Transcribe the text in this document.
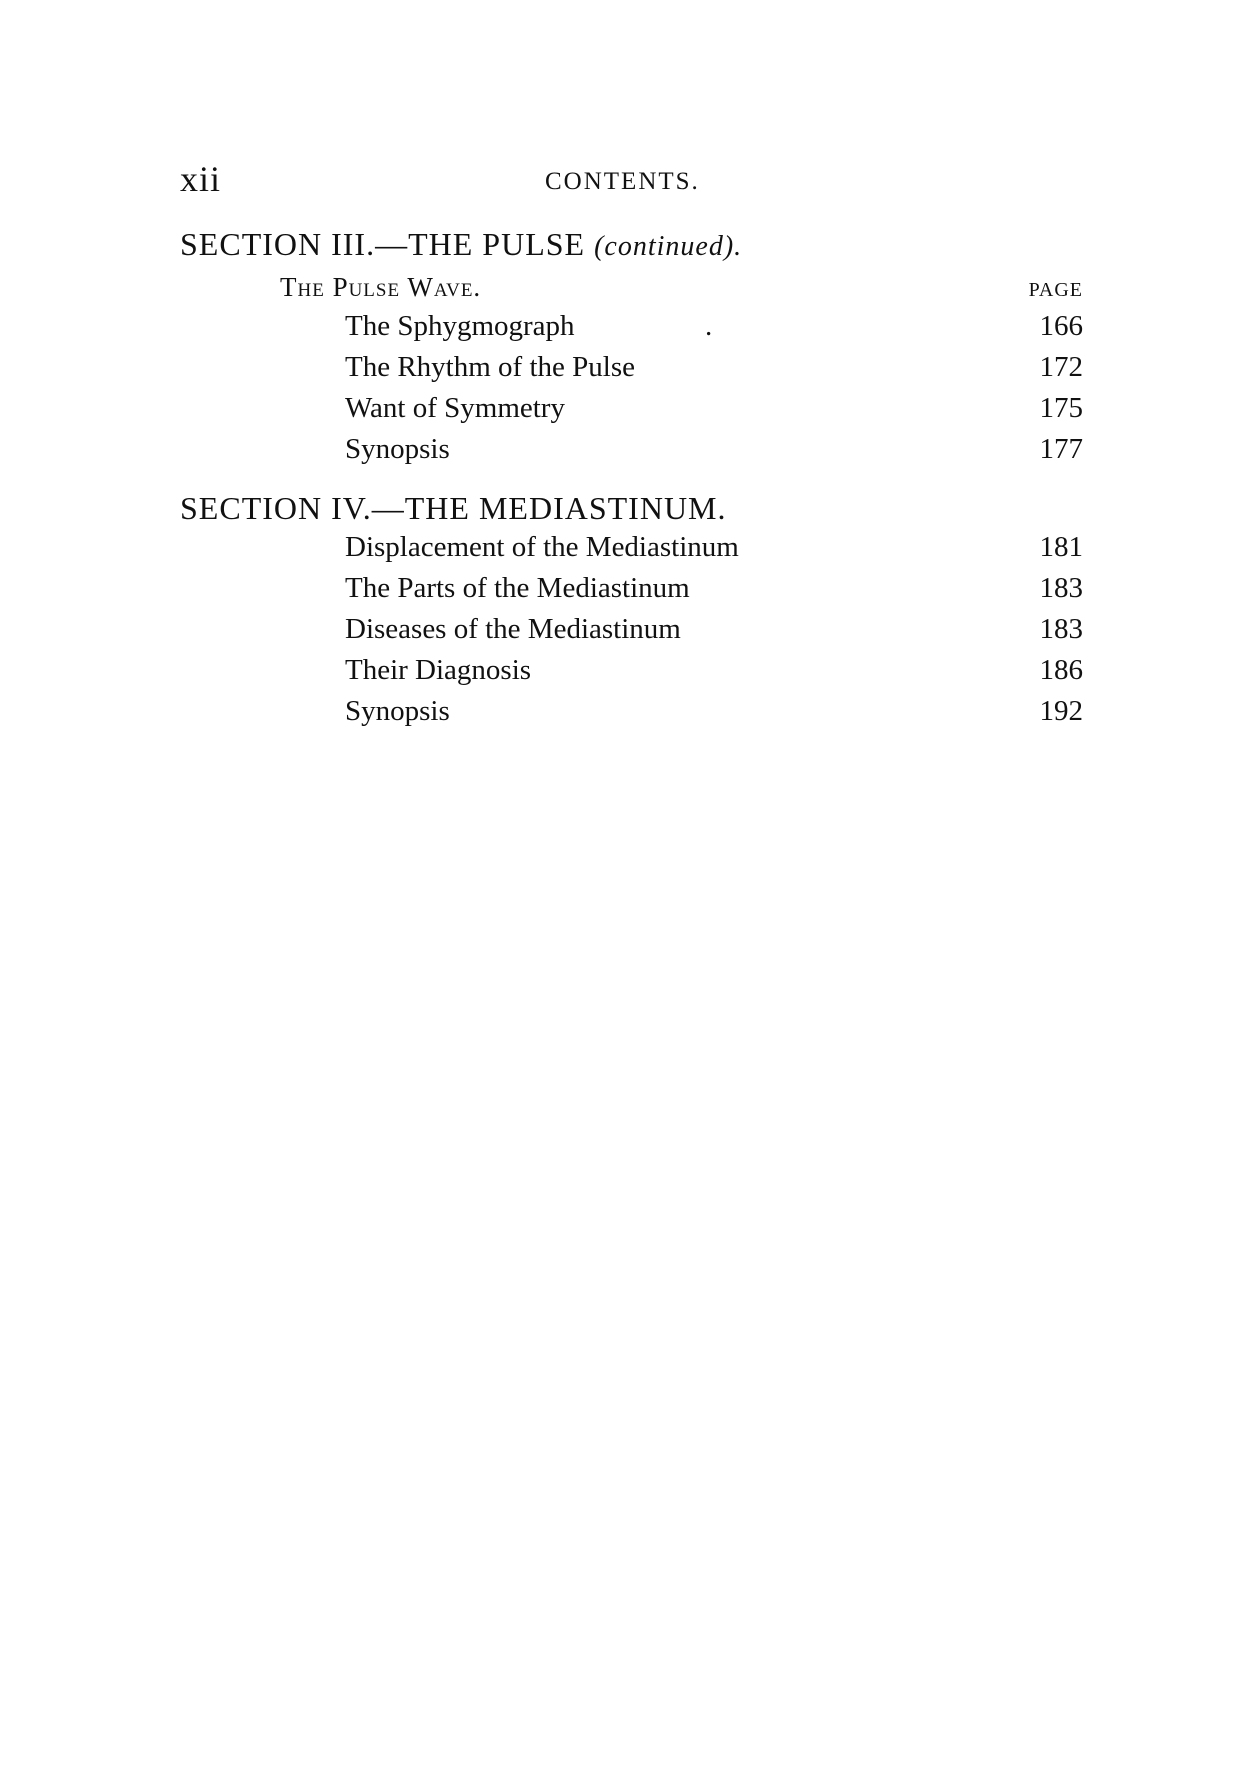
xii	CONTENTS.
SECTION III.—THE PULSE (continued).
The Pulse Wave.	PAGE
The Sphygmograph	.	166
The Rhythm of the Pulse	172
Want of Symmetry	175
Synopsis	177
SECTION IV.—THE MEDIASTINUM.
Displacement of the Mediastinum	181
The Parts of the Mediastinum	183
Diseases of the Mediastinum	183
Their Diagnosis	186
Synopsis	192
